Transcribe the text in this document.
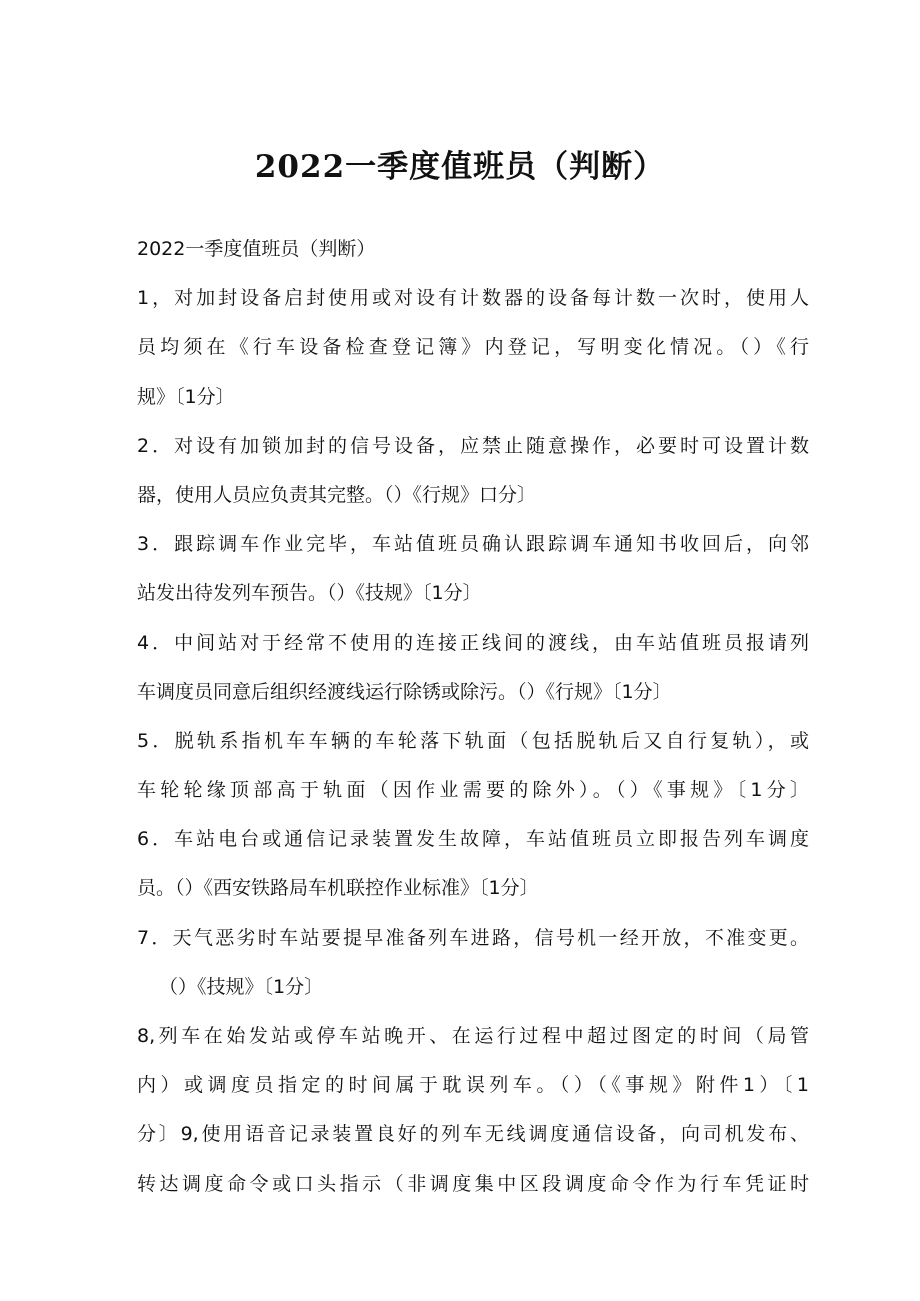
2022一季度值班员（判断）
2022一季度值班员（判断）
1，对加封设备启封使用或对设有计数器的设备每计数一次时，使用人
员均须在《行车设备检查登记簿》内登记，写明变化情况。（）《行
规》〔1分〕
2．对设有加锁加封的信号设备，应禁止随意操作，必要时可设置计数
器，使用人员应负责其完整。（）《行规》口分〕
3．跟踪调车作业完毕，车站值班员确认跟踪调车通知书收回后，向邻
站发出待发列车预告。（）《技规》〔1分〕
4．中间站对于经常不使用的连接正线间的渡线，由车站值班员报请列
车调度员同意后组织经渡线运行除锈或除污。（）《行规》〔1分〕
5．脱轨系指机车车辆的车轮落下轨面（包括脱轨后又自行复轨），或
车轮轮缘顶部高于轨面（因作业需要的除外）。（）《事规》〔1分〕
6．车站电台或通信记录装置发生故障，车站值班员立即报告列车调度
员。（）《西安铁路局车机联控作业标准》〔1分〕
7．天气恶劣时车站要提早准备列车进路，信号机一经开放，不准变更。
（）《技规》〔1分〕
8,列车在始发站或停车站晚开、在运行过程中超过图定的时间（局管
内）或调度员指定的时间属于耽误列车。（）（《事规》附件1）〔1
分〕9,使用语音记录装置良好的列车无线调度通信设备，向司机发布、
转达调度命令或口头指示（非调度集中区段调度命令作为行车凭证时
